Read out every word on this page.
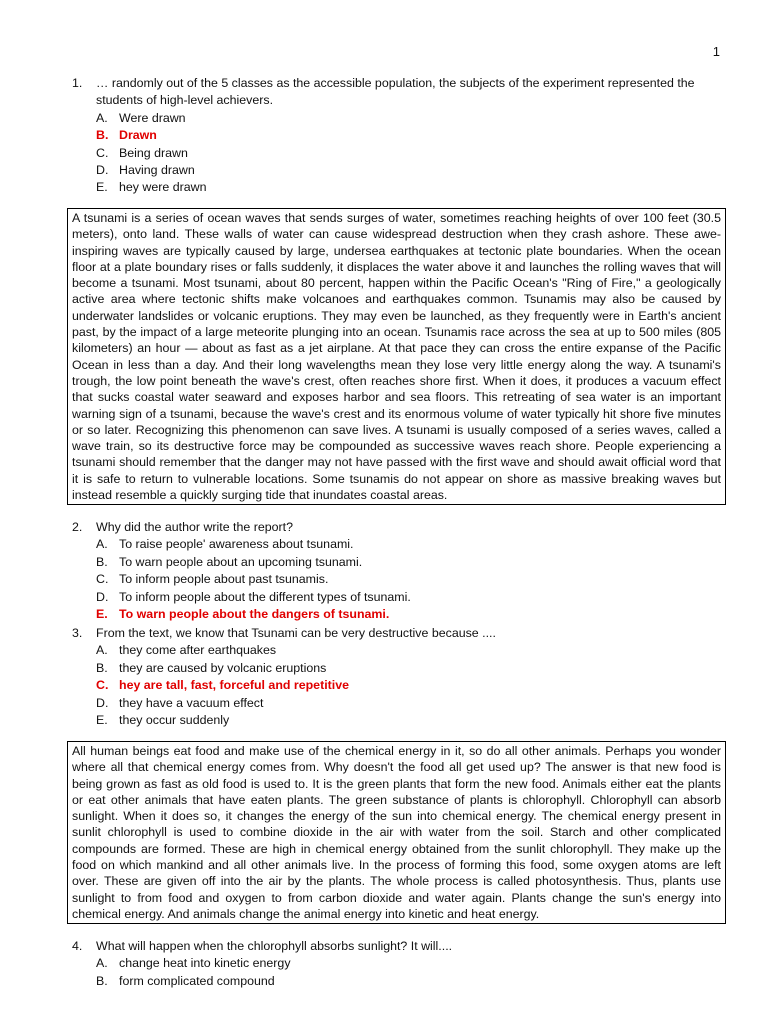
1
1.	… randomly out of the 5 classes as the accessible population, the subjects of the experiment represented the students of high-level achievers.
A. Were drawn
B. Drawn
C. Being drawn
D. Having drawn
E. hey were drawn
A tsunami is a series of ocean waves that sends surges of water, sometimes reaching heights of over 100 feet (30.5 meters), onto land. These walls of water can cause widespread destruction when they crash ashore. These awe-inspiring waves are typically caused by large, undersea earthquakes at tectonic plate boundaries. When the ocean floor at a plate boundary rises or falls suddenly, it displaces the water above it and launches the rolling waves that will become a tsunami. Most tsunami, about 80 percent, happen within the Pacific Ocean's "Ring of Fire," a geologically active area where tectonic shifts make volcanoes and earthquakes common. Tsunamis may also be caused by underwater landslides or volcanic eruptions. They may even be launched, as they frequently were in Earth's ancient past, by the impact of a large meteorite plunging into an ocean. Tsunamis race across the sea at up to 500 miles (805 kilometers) an hour — about as fast as a jet airplane. At that pace they can cross the entire expanse of the Pacific Ocean in less than a day. And their long wavelengths mean they lose very little energy along the way. A tsunami's trough, the low point beneath the wave's crest, often reaches shore first. When it does, it produces a vacuum effect that sucks coastal water seaward and exposes harbor and sea floors. This retreating of sea water is an important warning sign of a tsunami, because the wave's crest and its enormous volume of water typically hit shore five minutes or so later. Recognizing this phenomenon can save lives. A tsunami is usually composed of a series waves, called a wave train, so its destructive force may be compounded as successive waves reach shore. People experiencing a tsunami should remember that the danger may not have passed with the first wave and should await official word that it is safe to return to vulnerable locations. Some tsunamis do not appear on shore as massive breaking waves but instead resemble a quickly surging tide that inundates coastal areas.
2.	Why did the author write the report?
A. To raise people' awareness about tsunami.
B. To warn people about an upcoming tsunami.
C. To inform people about past tsunamis.
D. To inform people about the different types of tsunami.
E. To warn people about the dangers of tsunami.
3.	From the text, we know that Tsunami can be very destructive because ....
A. they come after earthquakes
B. they are caused by volcanic eruptions
C. hey are tall, fast, forceful and repetitive
D. they have a vacuum effect
E. they occur suddenly
All human beings eat food and make use of the chemical energy in it, so do all other animals. Perhaps you wonder where all that chemical energy comes from. Why doesn't the food all get used up? The answer is that new food is being grown as fast as old food is used to. It is the green plants that form the new food. Animals either eat the plants or eat other animals that have eaten plants. The green substance of plants is chlorophyll. Chlorophyll can absorb sunlight. When it does so, it changes the energy of the sun into chemical energy. The chemical energy present in sunlit chlorophyll is used to combine dioxide in the air with water from the soil. Starch and other complicated compounds are formed. These are high in chemical energy obtained from the sunlit chlorophyll. They make up the food on which mankind and all other animals live. In the process of forming this food, some oxygen atoms are left over. These are given off into the air by the plants. The whole process is called photosynthesis. Thus, plants use sunlight to from food and oxygen to from carbon dioxide and water again. Plants change the sun's energy into chemical energy. And animals change the animal energy into kinetic and heat energy.
4.	What will happen when the chlorophyll absorbs sunlight? It will....
A. change heat into kinetic energy
B. form complicated compound
